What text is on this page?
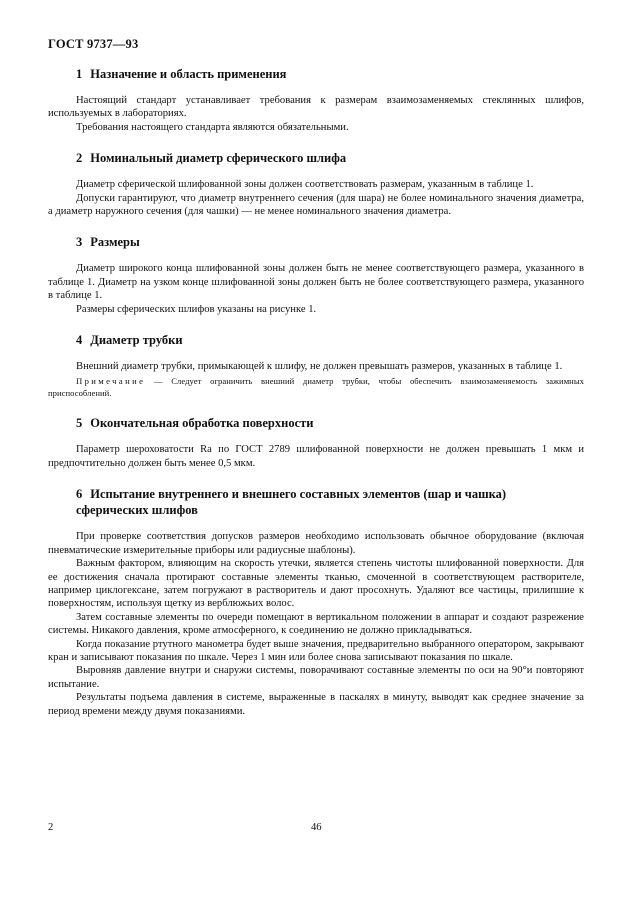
ГОСТ 9737—93
1 Назначение и область применения

Настоящий стандарт устанавливает требования к размерам взаимозаменяемых стеклянных шлифов, используемых в лабораториях.

Требования настоящего стандарта являются обязательными.

2 Номинальный диаметр сферического шлифа

Диаметр сферической шлифованной зоны должен соответствовать размерам, указанным в таблице 1.

Допуски гарантируют, что диаметр внутреннего сечения (для шара) не более номинального значения диаметра, а диаметр наружного сечения (для чашки) — не менее номинального значения диаметра.

3 Размеры

Диаметр широкого конца шлифованной зоны должен быть не менее соответствующего размера, указанного в таблице 1. Диаметр на узком конце шлифованной зоны должен быть не более соответствующего размера, указанного в таблице 1.

Размеры сферических шлифов указаны на рисунке 1.

4 Диаметр трубки

Внешний диаметр трубки, примыкающей к шлифу, не должен превышать размеров, указанных в таблице 1.

Примечание — Следует ограничить внешний диаметр трубки, чтобы обеспечить взаимозаменяемость зажимных приспособлений.

5 Окончательная обработка поверхности

Параметр шероховатости Ra по ГОСТ 2789 шлифованной поверхности не должен превышать 1 мкм и предпочтительно должен быть менее 0,5 мкм.

6 Испытание внутреннего и внешнего составных элементов (шар и чашка)
сферических шлифов

При проверке соответствия допусков размеров необходимо использовать обычное оборудование (включая пневматические измерительные приборы или радиусные шаблоны).

Важным фактором, влияющим на скорость утечки, является степень чистоты шлифованной поверхности. Для ее достижения сначала протирают составные элементы тканью, смоченной в соответствующем растворителе, например циклогексане, затем погружают в растворитель и дают просохнуть. Удаляют все частицы, прилипшие к поверхностям, используя щетку из верблюжьих волос.

Затем составные элементы по очереди помещают в вертикальном положении в аппарат и создают разрежение системы. Никакого давления, кроме атмосферного, к соединению не должно прикладываться.

Когда показание ртутного манометра будет выше значения, предварительно выбранного оператором, закрывают кран и записывают показания по шкале. Через 1 мин или более снова записывают показания по шкале.

Выровняв давление внутри и снаружи системы, поворачивают составные элементы по оси на 90°и повторяют испытание.

Результаты подъема давления в системе, выраженные в паскалях в минуту, выводят как среднее значение за период времени между двумя показаниями.

2	46
